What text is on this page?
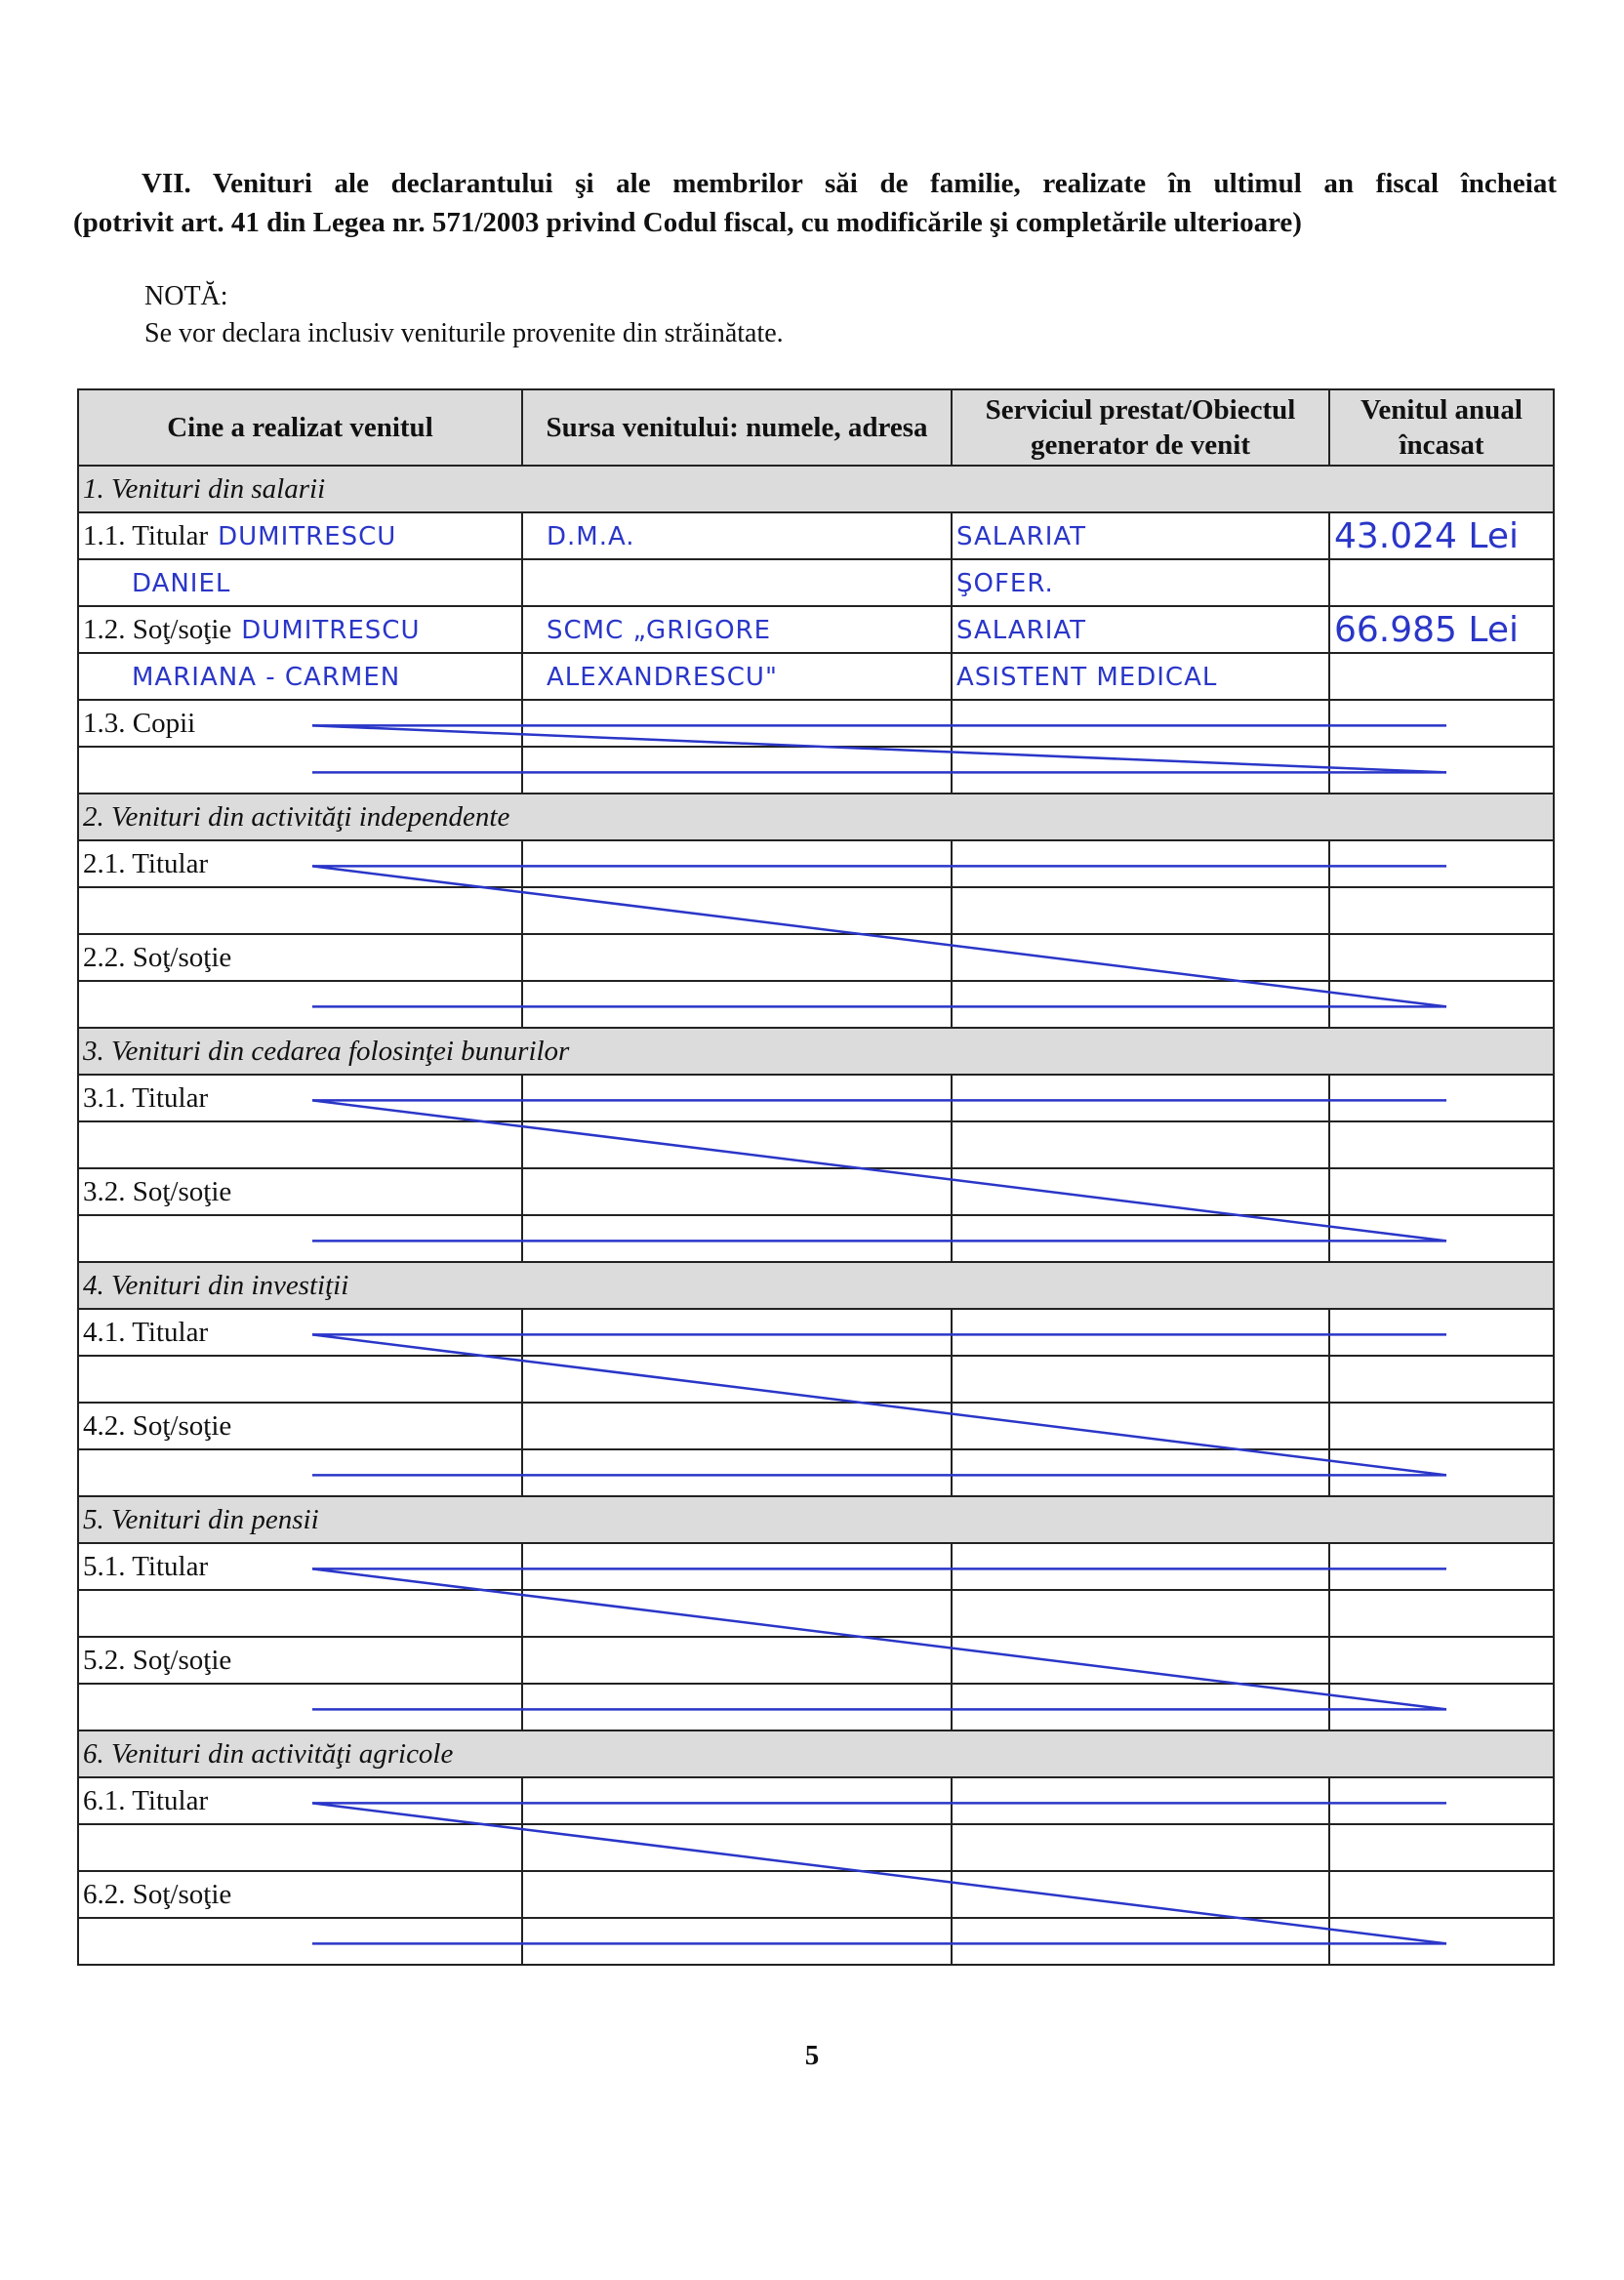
VII. Venituri ale declarantului şi ale membrilor săi de familie, realizate în ultimul an fiscal încheiat
(potrivit art. 41 din Legea nr. 571/2003 privind Codul fiscal, cu modificările şi completările ulterioare)
NOTĂ:
Se vor declara inclusiv veniturile provenite din străinătate.
Cine a realizat venitul	Sursa venitului: numele, adresa	Serviciul prestat/Obiectul generator de venit	Venitul anual încasat
1. Venituri din salarii			
1.1. Titular DUMITRESCU	D.M.A.	SALARIAT	43.024 Lei
DANIEL		ŞOFER.	
1.2. Soţ/soţie DUMITRESCU	SCMC „GRIGORE	SALARIAT	66.985 Lei
MARIANA - CARMEN	ALEXANDRESCU"	ASISTENT MEDICAL	
1.3. Copii			

2. Venituri din activităţi independente			
2.1. Titular			

2.2. Soţ/soţie			

3. Venituri din cedarea folosinţei bunurilor			
3.1. Titular			

3.2. Soţ/soţie			

4. Venituri din investiţii			
4.1. Titular			

4.2. Soţ/soţie			

5. Venituri din pensii			
5.1. Titular			

5.2. Soţ/soţie			

6. Venituri din activităţi agricole			
6.1. Titular			

6.2. Soţ/soţie			

5
